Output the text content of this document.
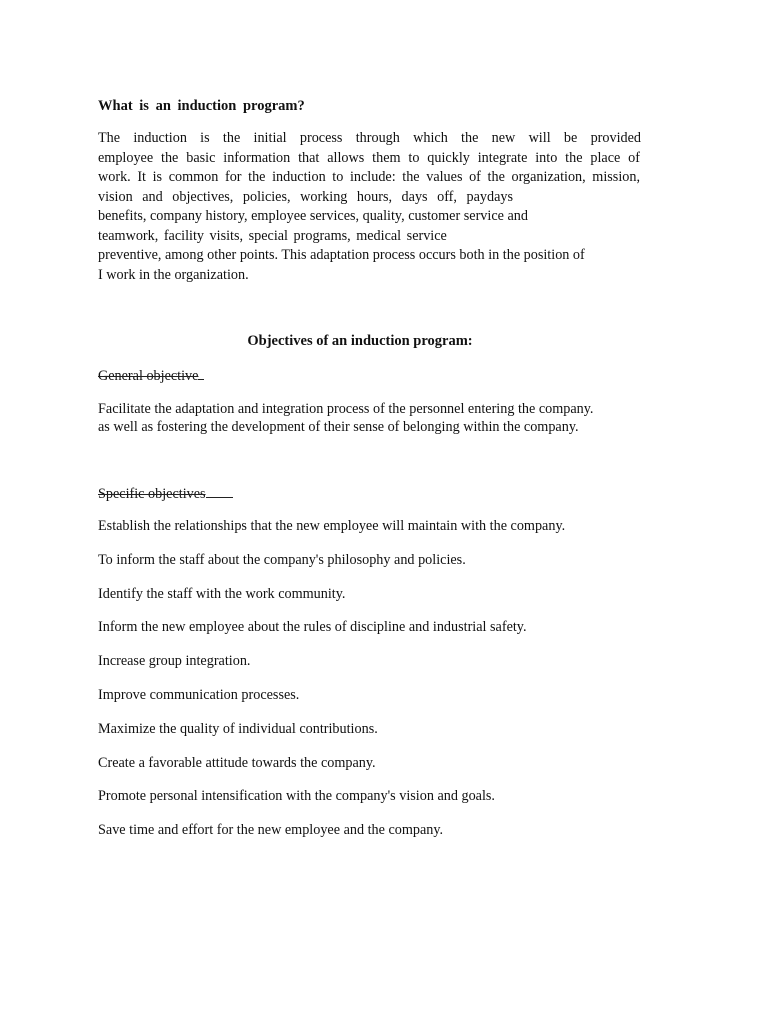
What is an induction program?
The induction is the initial process through which the new will be provided
employee the basic information that allows them to quickly integrate into the place of
work. It is common for the induction to include: the values of the organization, mission,
vision and objectives, policies, working hours, days off, paydays
benefits, company history, employee services, quality, customer service and
teamwork, facility visits, special programs, medical service
preventive, among other points. This adaptation process occurs both in the position of
I work in the organization.
Objectives of an induction program:
General objective
Facilitate the adaptation and integration process of the personnel entering the company.
as well as fostering the development of their sense of belonging within the company.
Specific objectives
Establish the relationships that the new employee will maintain with the company.
To inform the staff about the company's philosophy and policies.
Identify the staff with the work community.
Inform the new employee about the rules of discipline and industrial safety.
Increase group integration.
Improve communication processes.
Maximize the quality of individual contributions.
Create a favorable attitude towards the company.
Promote personal intensification with the company's vision and goals.
Save time and effort for the new employee and the company.
